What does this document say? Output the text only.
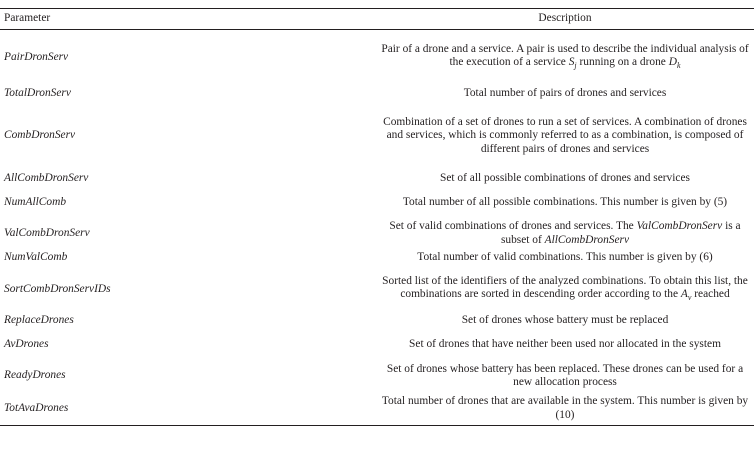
Parameter	Description
PairDronServ	Pair of a drone and a service. A pair is used to describe the individual analysis of the execution of a service $S_j$ running on a drone $D_k$
TotalDronServ	Total number of pairs of drones and services
CombDronServ	Combination of a set of drones to run a set of services. A combination of drones and services, which is commonly referred to as a combination, is composed of different pairs of drones and services
AllCombDronServ	Set of all possible combinations of drones and services
NumAllComb	Total number of all possible combinations. This number is given by (5)
ValCombDronServ	Set of valid combinations of drones and services. The ValCombDronServ is a subset of AllCombDronServ
NumValComb	Total number of valid combinations. This number is given by (6)
SortCombDronServIDs	Sorted list of the identifiers of the analyzed combinations. To obtain this list, the combinations are sorted in descending order according to the $A_v$ reached
ReplaceDrones	Set of drones whose battery must be replaced
AvDrones	Set of drones that have neither been used nor allocated in the system
ReadyDrones	Set of drones whose battery has been replaced. These drones can be used for a new allocation process
TotAvaDrones	Total number of drones that are available in the system. This number is given by (10)
